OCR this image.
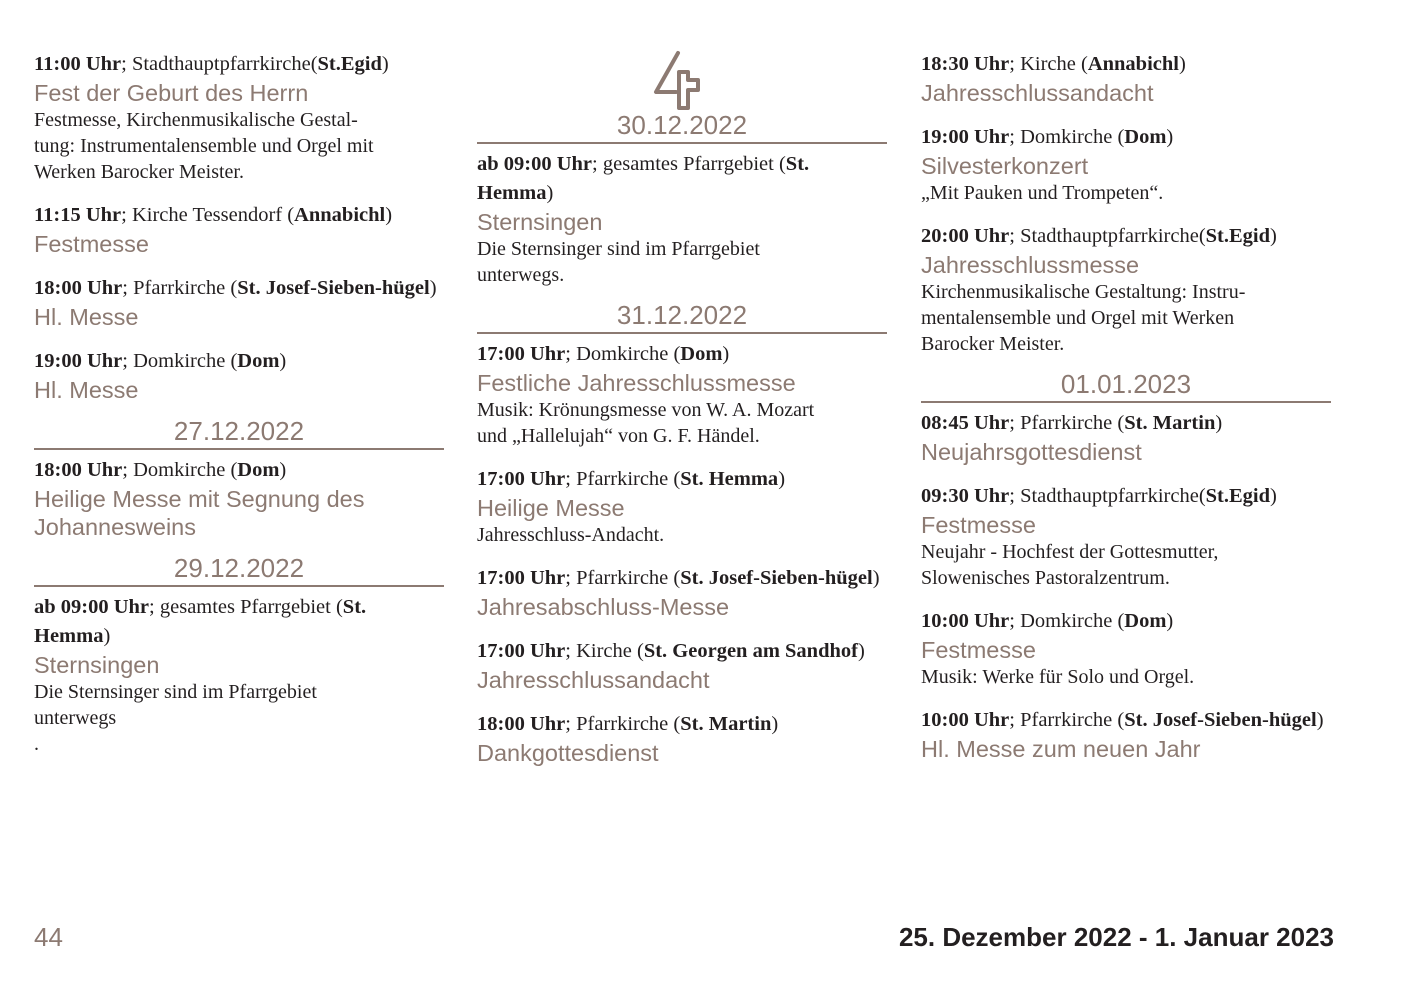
11:00 Uhr; Stadthauptpfarrkirche(St.Egid)
Fest der Geburt des Herrn
Festmesse, Kirchenmusikalische Gestal-
tung: Instrumentalensemble und Orgel mit
Werken Barocker Meister.
11:15 Uhr; Kirche Tessendorf (Annabichl)
Festmesse
18:00 Uhr; Pfarrkirche (St. Josef-Sieben-hügel)
Hl. Messe
19:00 Uhr; Domkirche (Dom)
Hl. Messe
27.12.2022
18:00 Uhr; Domkirche (Dom)
Heilige Messe mit Segnung des Johannesweins
29.12.2022
ab 09:00 Uhr; gesamtes Pfarrgebiet (St. Hemma)
Sternsingen
Die Sternsinger sind im Pfarrgebiet
unterwegs
.
30.12.2022
ab 09:00 Uhr; gesamtes Pfarrgebiet (St. Hemma)
Sternsingen
Die Sternsinger sind im Pfarrgebiet
unterwegs.
31.12.2022
17:00 Uhr; Domkirche (Dom)
Festliche Jahresschlussmesse
Musik: Krönungsmesse von W. A. Mozart
und „Hallelujah“ von G. F. Händel.
17:00 Uhr; Pfarrkirche (St. Hemma)
Heilige Messe
Jahresschluss-Andacht.
17:00 Uhr; Pfarrkirche (St. Josef-Sieben-hügel)
Jahresabschluss-Messe
17:00 Uhr; Kirche (St. Georgen am Sandhof)
Jahresschlussandacht
18:00 Uhr; Pfarrkirche (St. Martin)
Dankgottesdienst
18:30 Uhr; Kirche (Annabichl)
Jahresschlussandacht
19:00 Uhr; Domkirche (Dom)
Silvesterkonzert
„Mit Pauken und Trompeten“.
20:00 Uhr; Stadthauptpfarrkirche(St.Egid)
Jahresschlussmesse
Kirchenmusikalische Gestaltung: Instru-
mentalensemble und Orgel mit Werken
Barocker Meister.
01.01.2023
08:45 Uhr; Pfarrkirche (St. Martin)
Neujahrsgottesdienst
09:30 Uhr; Stadthauptpfarrkirche(St.Egid)
Festmesse
Neujahr - Hochfest der Gottesmutter,
Slowenisches Pastoralzentrum.
10:00 Uhr; Domkirche (Dom)
Festmesse
Musik: Werke für Solo und Orgel.
10:00 Uhr; Pfarrkirche (St. Josef-Sieben-hügel)
Hl. Messe zum neuen Jahr
44	25. Dezember 2022 - 1. Januar 2023
